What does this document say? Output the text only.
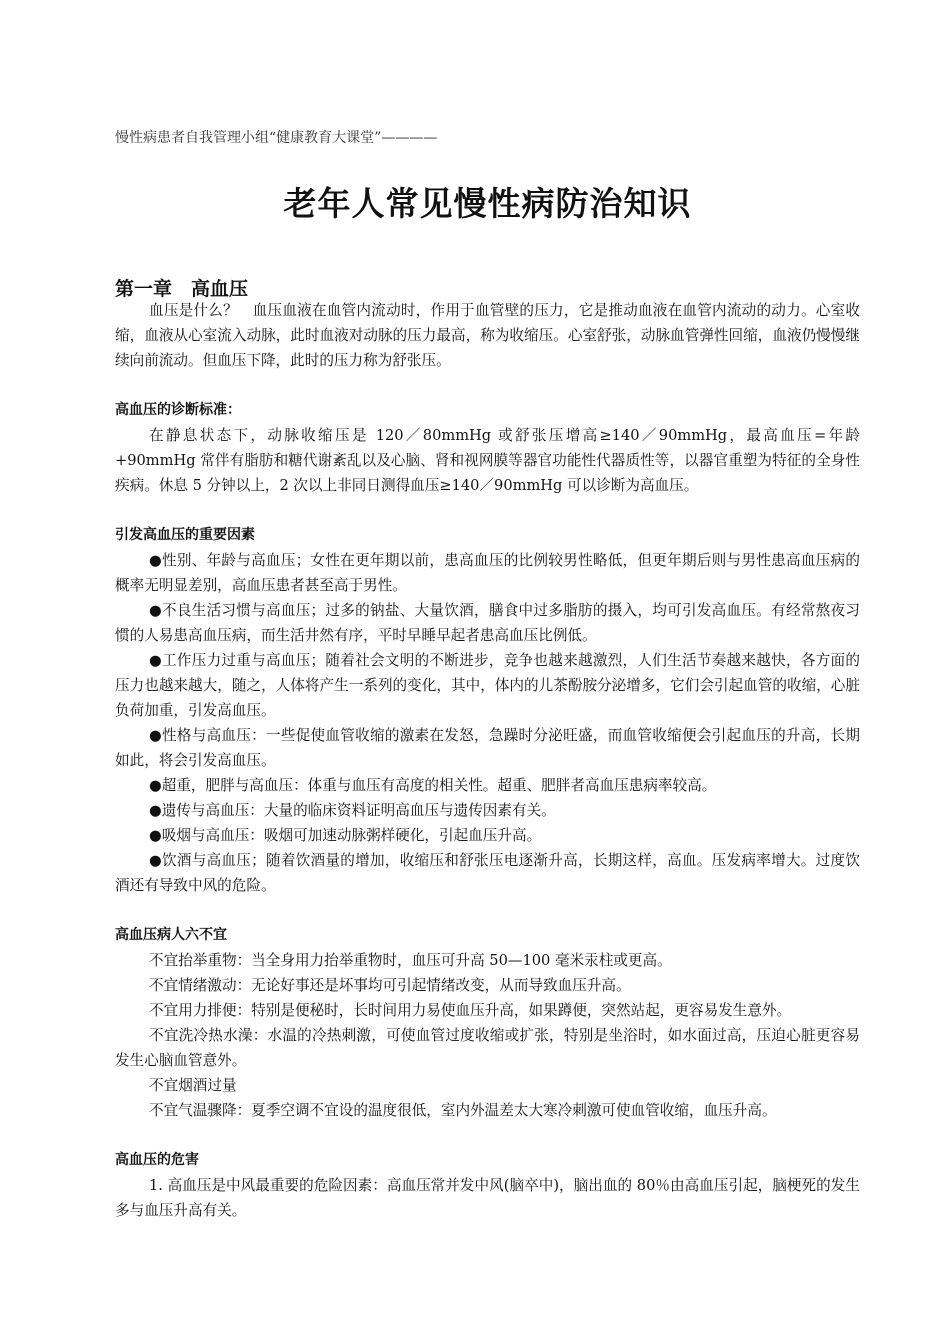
慢性病患者自我管理小组“健康教育大课堂”————
老年人常见慢性病防治知识
第一章　高血压

血压是什么？　血压血液在血管内流动时，作用于血管壁的压力，它是推动血液在血管内流动的动力。心室收缩，血液从心室流入动脉，此时血液对动脉的压力最高，称为收缩压。心室舒张，动脉血管弹性回缩，血液仍慢慢继续向前流动。但血压下降，此时的压力称为舒张压。

高血压的诊断标准：

在静息状态下，动脉收缩压是 120／80mmHg 或舒张压增高≥140／90mmHg，最高血压=年龄+90mmHg 常伴有脂肪和糖代谢紊乱以及心脑、肾和视网膜等器官功能性代器质性等，以器官重塑为特征的全身性疾病。休息 5 分钟以上，2 次以上非同日测得血压≥140／90mmHg 可以诊断为高血压。

引发高血压的重要因素

●性别、年龄与高血压；女性在更年期以前，患高血压的比例较男性略低，但更年期后则与男性患高血压病的概率无明显差别，高血压患者甚至高于男性。

●不良生活习惯与高血压；过多的钠盐、大量饮酒，膳食中过多脂肪的摄入，均可引发高血压。有经常熬夜习惯的人易患高血压病，而生活井然有序，平时早睡早起者患高血压比例低。

●工作压力过重与高血压；随着社会文明的不断进步，竞争也越来越激烈，人们生活节奏越来越快，各方面的压力也越来越大，随之，人体将产生一系列的变化，其中，体内的儿茶酚胺分泌增多，它们会引起血管的收缩，心脏负荷加重，引发高血压。

●性格与高血压：一些促使血管收缩的激素在发怒，急躁时分泌旺盛，而血管收缩便会引起血压的升高，长期如此，将会引发高血压。

●超重，肥胖与高血压：体重与血压有高度的相关性。超重、肥胖者高血压患病率较高。

●遗传与高血压：大量的临床资料证明高血压与遗传因素有关。

●吸烟与高血压：吸烟可加速动脉粥样硬化，引起血压升高。

●饮酒与高血压；随着饮酒量的增加，收缩压和舒张压电逐渐升高，长期这样，高血。压发病率增大。过度饮酒还有导致中风的危险。

高血压病人六不宜

不宜抬举重物：当全身用力抬举重物时，血压可升高 50—100 毫米汞柱或更高。

不宜情绪激动：无论好事还是坏事均可引起情绪改变，从而导致血压升高。

不宜用力排便：特别是便秘时，长时间用力易使血压升高，如果蹲便，突然站起，更容易发生意外。

不宜洗冷热水澡：水温的冷热刺激，可使血管过度收缩或扩张，特别是坐浴时，如水面过高，压迫心脏更容易发生心脑血管意外。

不宜烟酒过量

不宜气温骤降：夏季空调不宜设的温度很低，室内外温差太大寒冷刺激可使血管收缩，血压升高。

高血压的危害

1. 高血压是中风最重要的危险因素：高血压常并发中风(脑卒中)，脑出血的 80％由高血压引起，脑梗死的发生多与血压升高有关。
